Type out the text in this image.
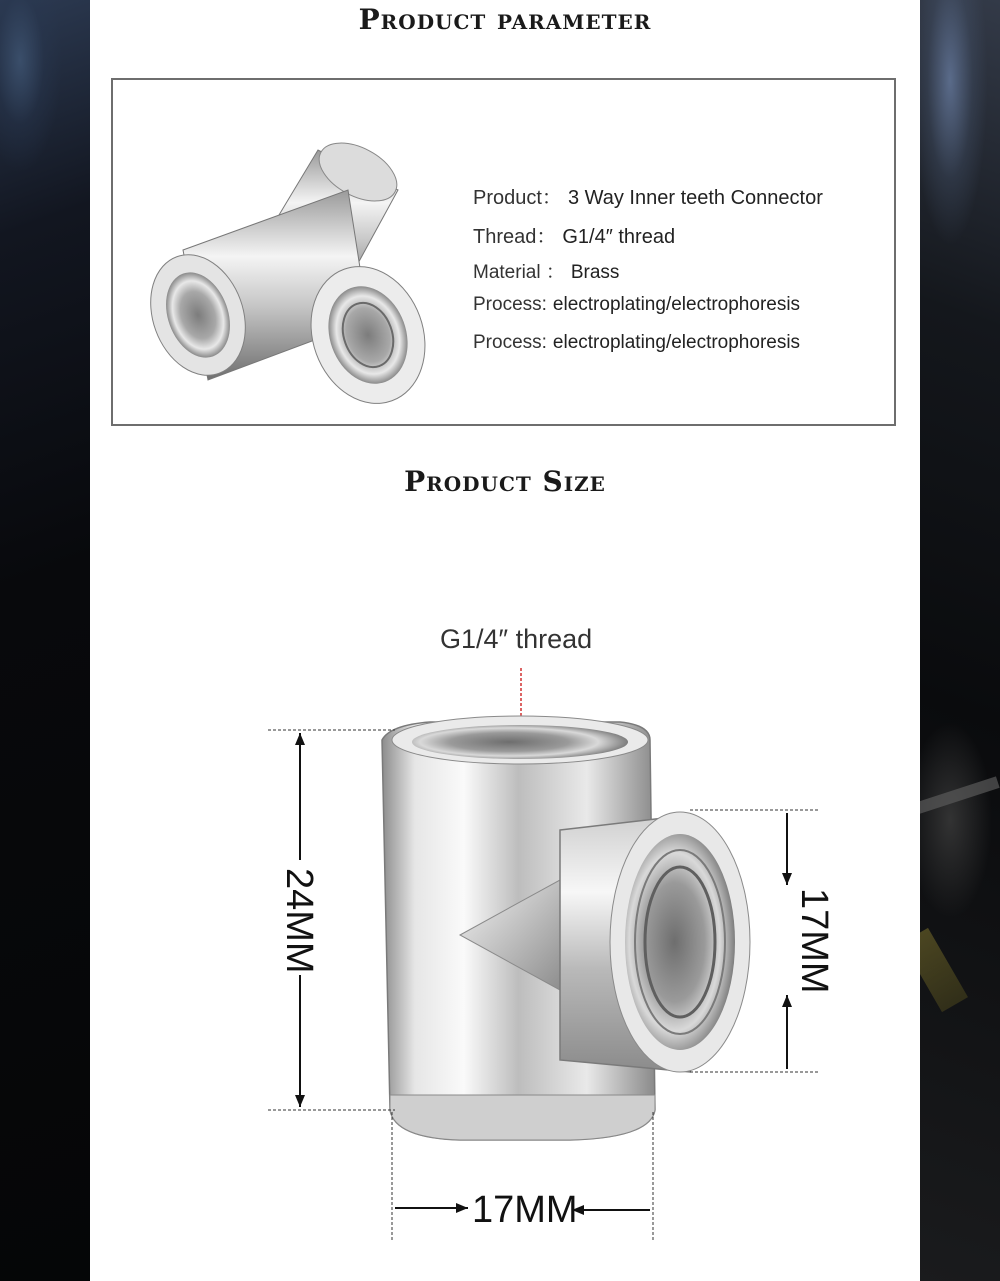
Product parameter
Product： 3 Way Inner teeth Connector
Thread： G1/4″ thread
Material ： Brass
Process: electroplating/electrophoresis
Process: electroplating/electrophoresis
Product Size
G1/4″ thread
24MM	17MM
17MM
